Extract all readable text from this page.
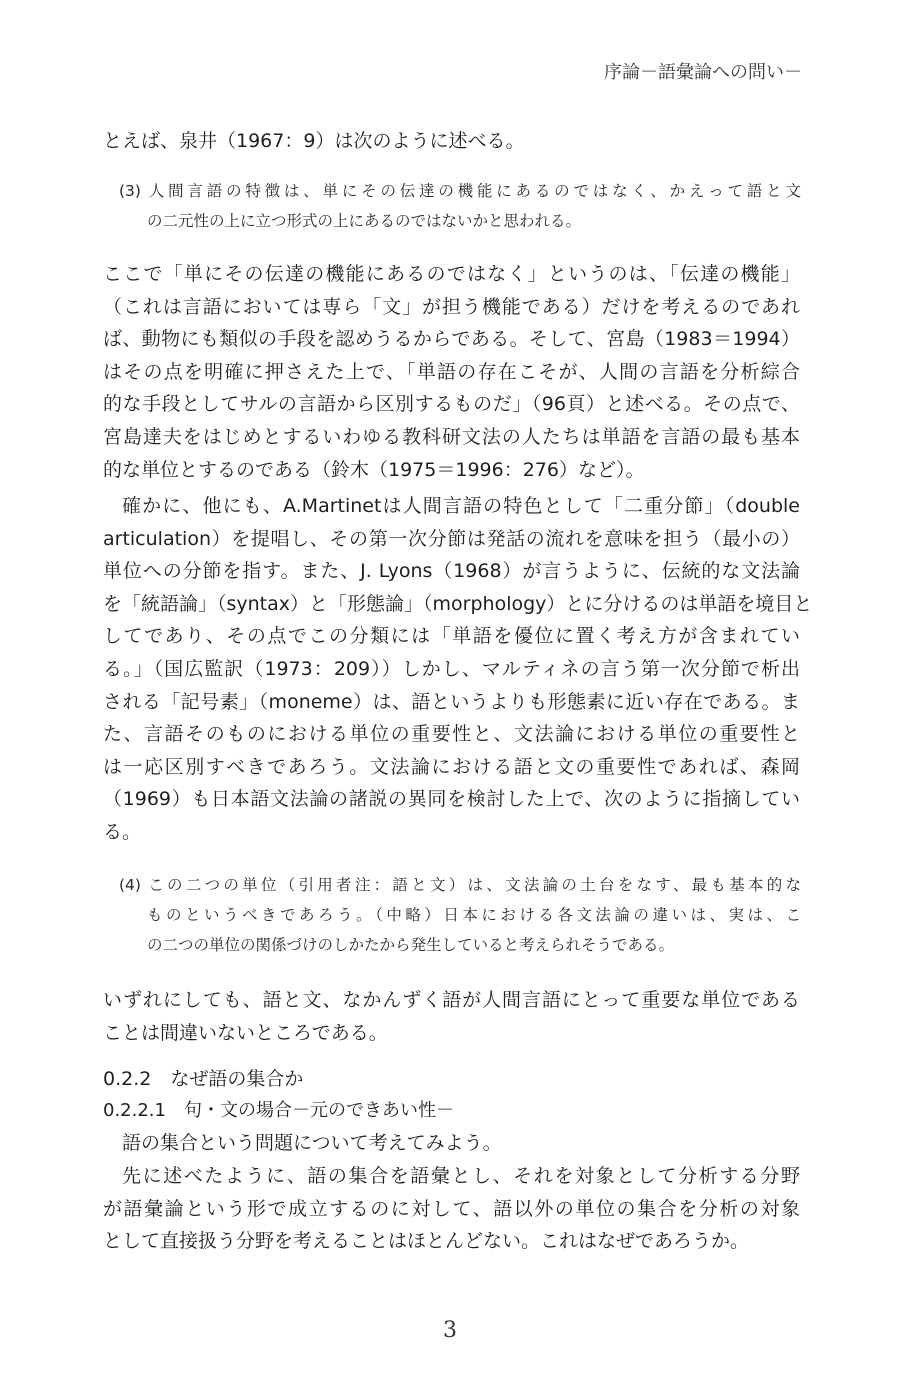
序論－語彙論への問い－
とえば、泉井（1967：9）は次のように述べる。
(3) 人間言語の特徴は、単にその伝達の機能にあるのではなく、かえって語と文
の二元性の上に立つ形式の上にあるのではないかと思われる。
ここで「単にその伝達の機能にあるのではなく」というのは、「伝達の機能」
（これは言語においては専ら「文」が担う機能である）だけを考えるのであれ
ば、動物にも類似の手段を認めうるからである。そして、宮島（1983＝1994）
はその点を明確に押さえた上で、「単語の存在こそが、人間の言語を分析綜合
的な手段としてサルの言語から区別するものだ」（96頁）と述べる。その点で、
宮島達夫をはじめとするいわゆる教科研文法の人たちは単語を言語の最も基本
的な単位とするのである（鈴木（1975＝1996：276）など）。
確かに、他にも、A.Martinetは人間言語の特色として「二重分節」（double
articulation）を提唱し、その第一次分節は発話の流れを意味を担う（最小の）
単位への分節を指す。また、J. Lyons（1968）が言うように、伝統的な文法論
を「統語論」（syntax）と「形態論」（morphology）とに分けるのは単語を境目と
してであり、その点でこの分類には「単語を優位に置く考え方が含まれてい
る。」（国広監訳（1973：209））しかし、マルティネの言う第一次分節で析出
される「記号素」（moneme）は、語というよりも形態素に近い存在である。ま
た、言語そのものにおける単位の重要性と、文法論における単位の重要性と
は一応区別すべきであろう。文法論における語と文の重要性であれば、森岡
（1969）も日本語文法論の諸説の異同を検討した上で、次のように指摘してい
る。
(4) この二つの単位（引用者注：語と文）は、文法論の土台をなす、最も基本的な
ものというべきであろう。（中略）日本における各文法論の違いは、実は、こ
の二つの単位の関係づけのしかたから発生していると考えられそうである。
いずれにしても、語と文、なかんずく語が人間言語にとって重要な単位である
ことは間違いないところである。
0.2.2　なぜ語の集合か
0.2.2.1　句・文の場合－元のできあい性－
語の集合という問題について考えてみよう。
先に述べたように、語の集合を語彙とし、それを対象として分析する分野
が語彙論という形で成立するのに対して、語以外の単位の集合を分析の対象
として直接扱う分野を考えることはほとんどない。これはなぜであろうか。
3
